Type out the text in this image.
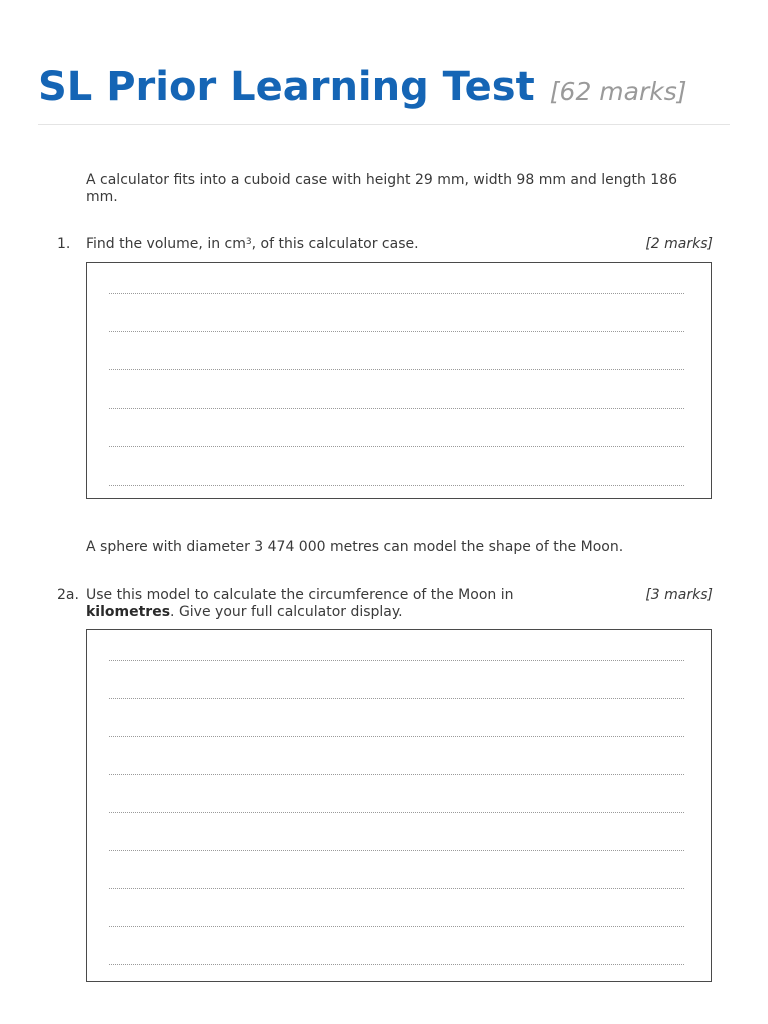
SL Prior Learning Test [62 marks]
A calculator fits into a cuboid case with height 29 mm, width 98 mm and length 186 mm.
1. Find the volume, in $cm^3$, of this calculator case.	[2 marks]
A sphere with diameter 3 474 000 metres can model the shape of the Moon.
2a. Use this model to calculate the circumference of the Moon in
kilometres. Give your full calculator display.
[3 marks]
